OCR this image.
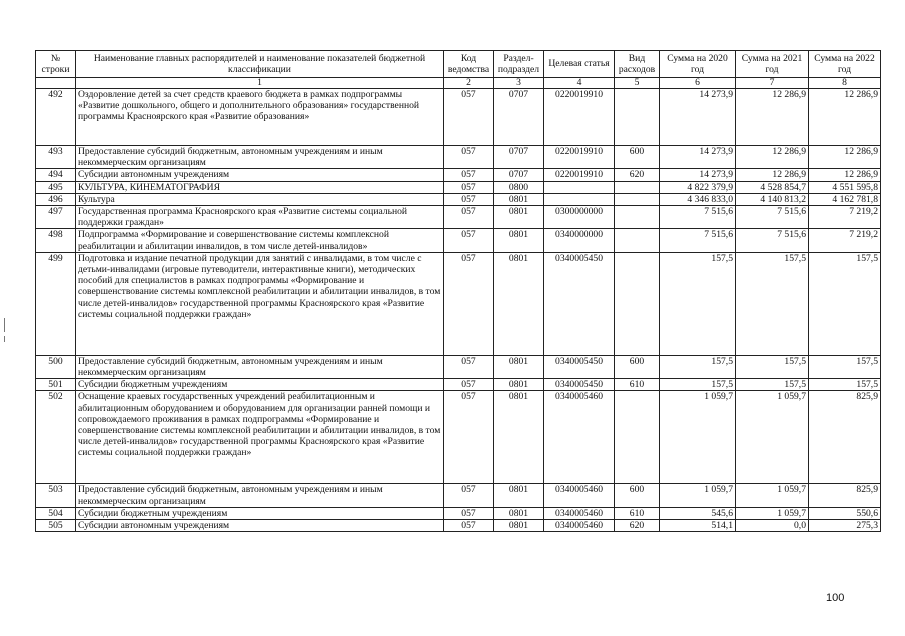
№ строки	Наименование главных распорядителей и наименование показателей бюджетной классификации	Код ведомства	Раздел-подраздел	Целевая статья	Вид расходов	Сумма на 2020 год	Сумма на 2021 год	Сумма на 2022 год
	1	2	3	4	5	6	7	8
492	Оздоровление детей за счет средств краевого бюджета в рамках подпрограммы «Развитие дошкольного, общего и дополнительного образования» государственной программы Красноярского края «Развитие образования»	057	0707	0220019910		14 273,9	12 286,9	12 286,9
493	Предоставление субсидий бюджетным, автономным учреждениям и иным некоммерческим организациям	057	0707	0220019910	600	14 273,9	12 286,9	12 286,9
494	Субсидии автономным учреждениям	057	0707	0220019910	620	14 273,9	12 286,9	12 286,9
495	КУЛЬТУРА, КИНЕМАТОГРАФИЯ	057	0800			4 822 379,9	4 528 854,7	4 551 595,8
496	Культура	057	0801			4 346 833,0	4 140 813,2	4 162 781,8
497	Государственная программа Красноярского края «Развитие системы социальной поддержки граждан»	057	0801	0300000000		7 515,6	7 515,6	7 219,2
498	Подпрограмма «Формирование и совершенствование системы комплексной реабилитации и абилитации инвалидов, в том числе детей-инвалидов»	057	0801	0340000000		7 515,6	7 515,6	7 219,2
499	Подготовка и издание печатной продукции для занятий с инвалидами, в том числе с детьми-инвалидами (игровые путеводители, интерактивные книги), методических пособий для специалистов в рамках подпрограммы «Формирование и совершенствование системы комплексной реабилитации и абилитации инвалидов, в том числе детей-инвалидов» государственной программы Красноярского края «Развитие системы социальной поддержки граждан»	057	0801	0340005450		157,5	157,5	157,5
500	Предоставление субсидий бюджетным, автономным учреждениям и иным некоммерческим организациям	057	0801	0340005450	600	157,5	157,5	157,5
501	Субсидии бюджетным учреждениям	057	0801	0340005450	610	157,5	157,5	157,5
502	Оснащение краевых государственных учреждений реабилитационным и абилитационным оборудованием и оборудованием для организации ранней помощи и сопровождаемого проживания в рамках подпрограммы «Формирование и совершенствование системы комплексной реабилитации и абилитации инвалидов, в том числе детей-инвалидов» государственной программы Красноярского края «Развитие системы социальной поддержки граждан»	057	0801	0340005460		1 059,7	1 059,7	825,9
503	Предоставление субсидий бюджетным, автономным учреждениям и иным некоммерческим организациям	057	0801	0340005460	600	1 059,7	1 059,7	825,9
504	Субсидии бюджетным учреждениям	057	0801	0340005460	610	545,6	1 059,7	550,6
505	Субсидии автономным учреждениям	057	0801	0340005460	620	514,1	0,0	275,3
100
